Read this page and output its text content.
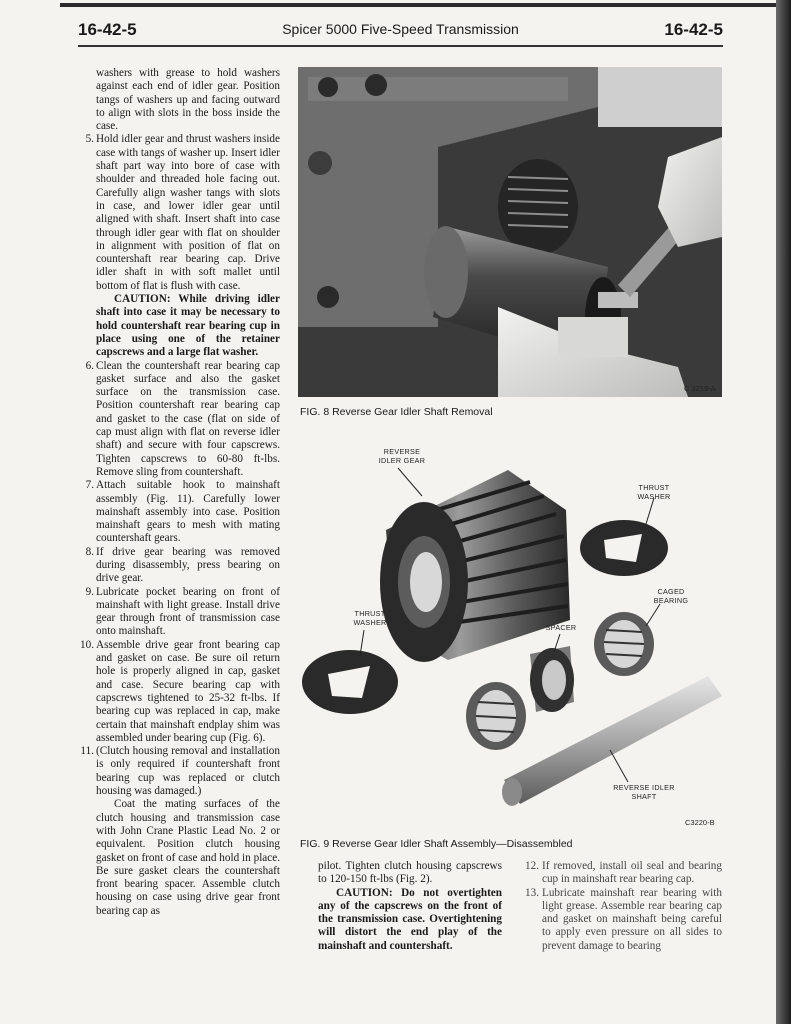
16-42-5	Spicer 5000 Five-Speed Transmission	16-42-5

washers with grease to hold washers against each end of idler gear. Position tangs of washers up and facing outward to align with slots in the boss inside the case.

5. Hold idler gear and thrust washers inside case with tangs of washer up. Insert idler shaft part way into bore of case with shoulder and threaded hole facing out. Carefully align washer tangs with slots in case, and lower idler gear until aligned with shaft. Insert shaft into case through idler gear with flat on shoulder in alignment with position of flat on countershaft rear bearing cap. Drive idler shaft in with soft mallet until bottom of flat is flush with case.

CAUTION: While driving idler shaft into case it may be necessary to hold countershaft rear bearing cup in place using one of the retainer capscrews and a large flat washer.

6. Clean the countershaft rear bearing cap gasket surface and also the gasket surface on the transmission case. Position countershaft rear bearing cap and gasket to the case (flat on side of cap must align with flat on reverse idler shaft) and secure with four capscrews. Tighten capscrews to 60-80 ft-lbs. Remove sling from countershaft.
7. Attach suitable hook to mainshaft assembly (Fig. 11). Carefully lower mainshaft assembly into case. Position mainshaft gears to mesh with mating countershaft gears.
8. If drive gear bearing was removed during disassembly, press bearing on drive gear.
9. Lubricate pocket bearing on front of mainshaft with light grease. Install drive gear through front of transmission case onto mainshaft.
10. Assemble drive gear front bearing cap and gasket on case. Be sure oil return hole is properly aligned in cap, gasket and case. Secure bearing cap with capscrews tightened to 25-32 ft-lbs. If bearing cup was replaced in cap, make certain that mainshaft endplay shim was assembled under bearing cup (Fig. 6).
11. (Clutch housing removal and installation is only required if countershaft front bearing cup was replaced or clutch housing was damaged.)

Coat the mating surfaces of the clutch housing and transmission case with John Crane Plastic Lead No. 2 or equivalent. Position clutch housing gasket on front of case and hold in place. Be sure gasket clears the countershaft front bearing spacer. Assemble clutch housing on case using drive gear front bearing cap as

C 3219-A
FIG. 8 Reverse Gear Idler Shaft Removal
REVERSE IDLER GEAR
THRUST WASHER
CAGED BEARING
THRUST WASHER
SPACER
REVERSE IDLER SHAFT
C3220-B
FIG. 9 Reverse Gear Idler Shaft Assembly—Disassembled

pilot. Tighten clutch housing capscrews to 120-150 ft-lbs (Fig. 2).

CAUTION: Do not overtighten any of the capscrews on the front of the transmission case. Overtightening will distort the end play of the mainshaft and countershaft.

12. If removed, install oil seal and bearing cup in mainshaft rear bearing cap.
13. Lubricate mainshaft rear bearing with light grease. Assemble rear bearing cap and gasket on mainshaft being careful to apply even pressure on all sides to prevent damage to bearing
